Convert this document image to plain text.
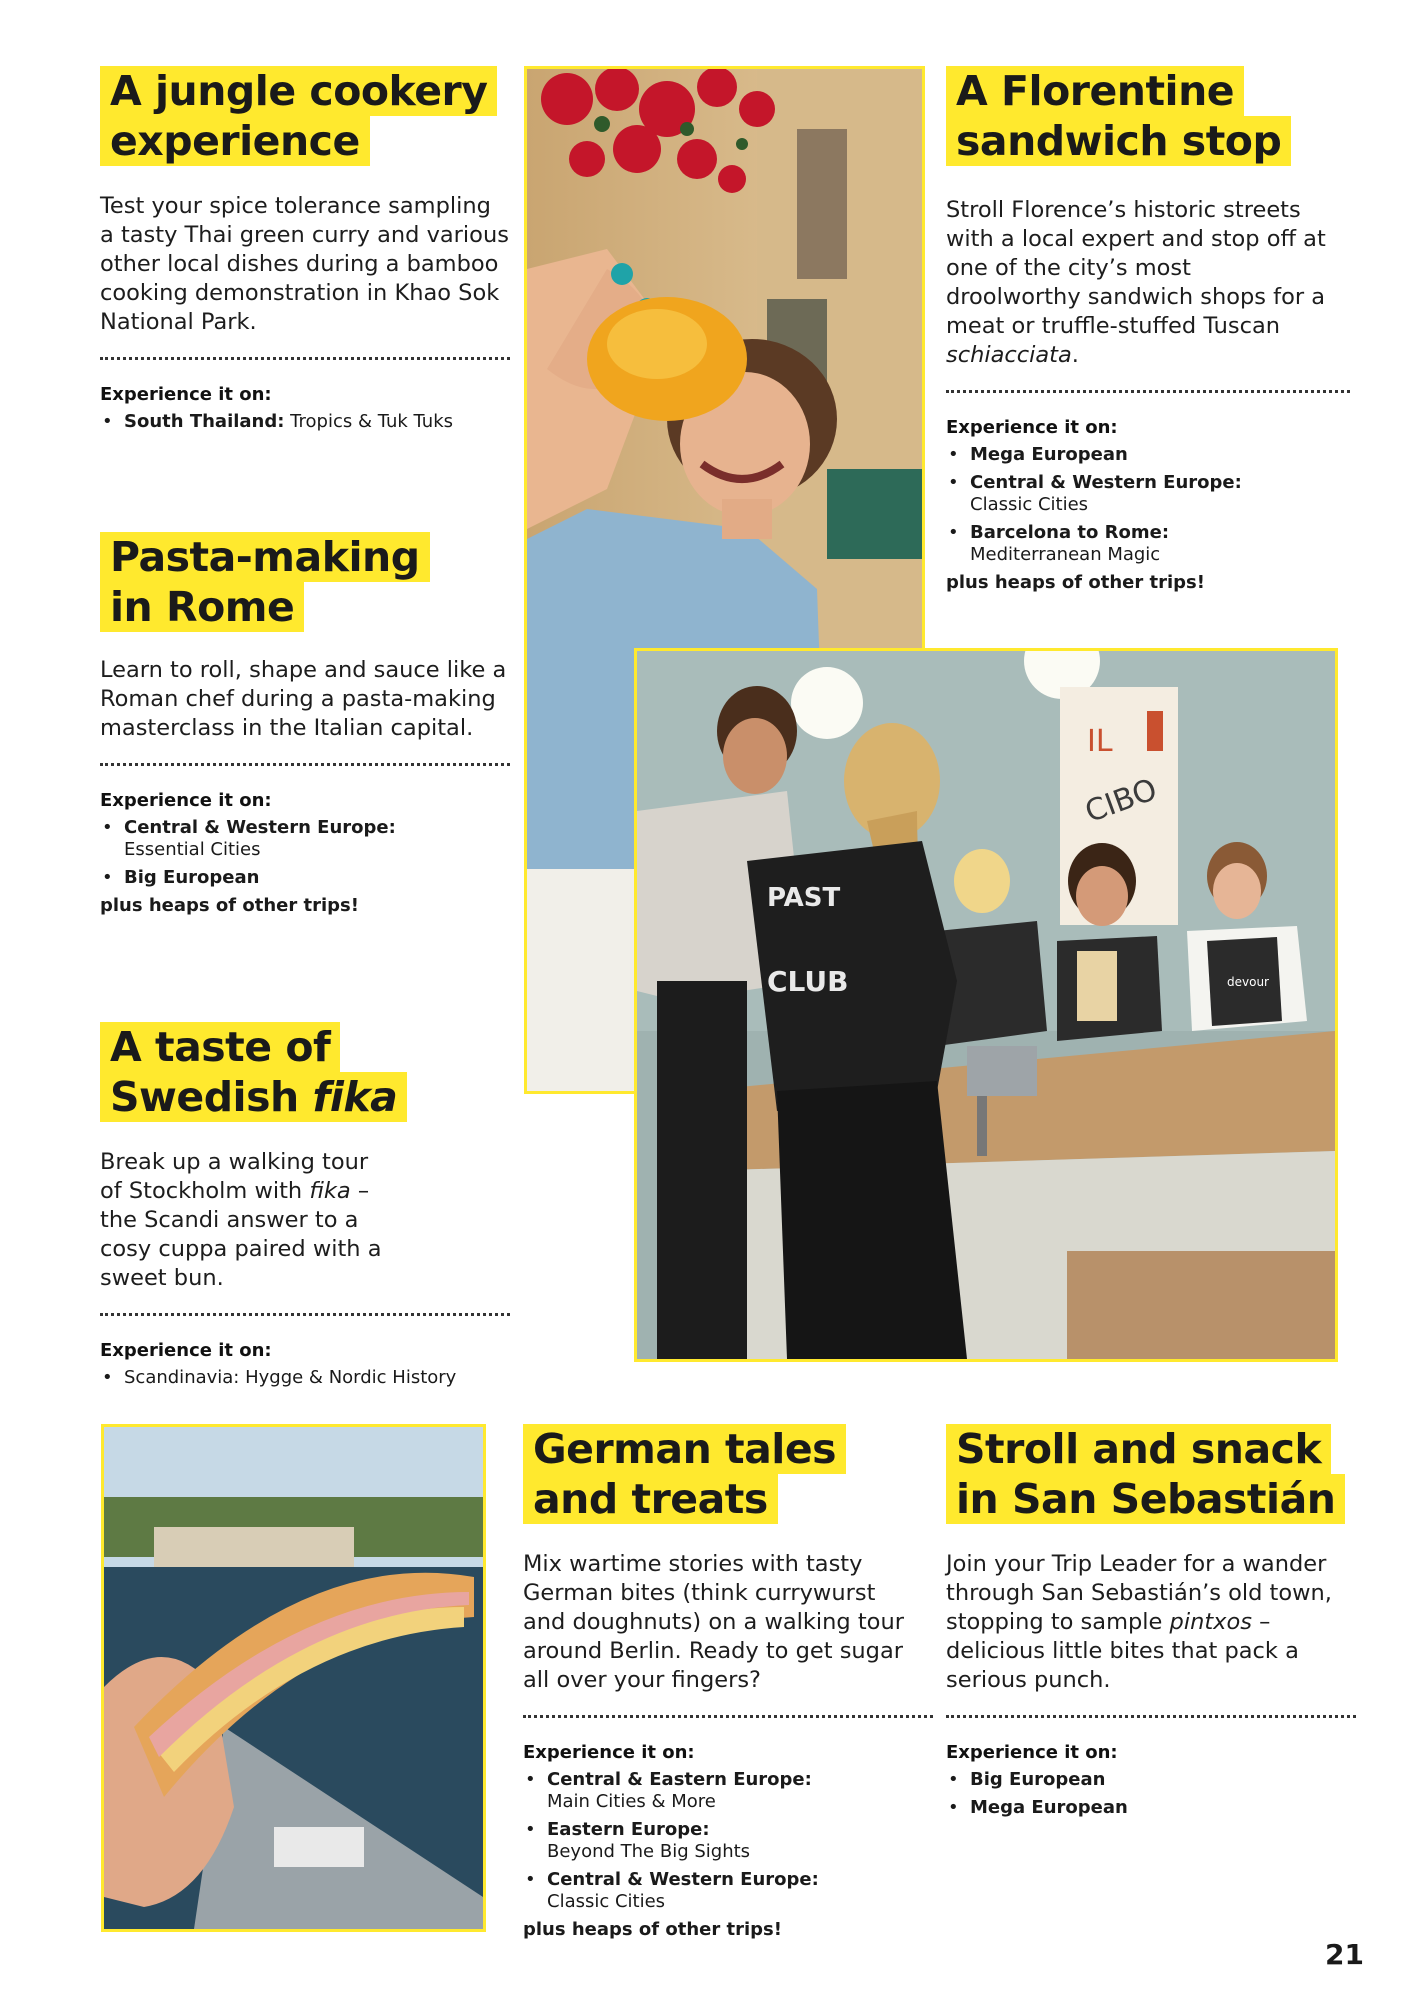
A jungle cookery
experience

Test your spice tolerance sampling a tasty Thai green curry and various other local dishes during a bamboo cooking demonstration in Khao Sok National Park.

Experience it on:
• South Thailand: Tropics & Tuk Tuks
Pasta-making
in Rome

Learn to roll, shape and sauce like a Roman chef during a pasta-making masterclass in the Italian capital.

Experience it on:
• Central & Western Europe:
Essential Cities
• Big European
plus heaps of other trips!
A taste of
Swedish fika

Break up a walking tour of Stockholm with fika – the Scandi answer to a cosy cuppa paired with a sweet bun.

Experience it on:
• Scandinavia: Hygge & Nordic History
A Florentine
sandwich stop

Stroll Florence’s historic streets with a local expert and stop off at one of the city’s most droolworthy sandwich shops for a meat or truffle-stuffed Tuscan schiacciata.

Experience it on:
• Mega European
• Central & Western Europe:
Classic Cities
• Barcelona to Rome:
Mediterranean Magic
plus heaps of other trips!
German tales
and treats

Mix wartime stories with tasty German bites (think currywurst and doughnuts) on a walking tour around Berlin. Ready to get sugar all over your fingers?

Experience it on:
• Central & Eastern Europe:
Main Cities & More
• Eastern Europe:
Beyond The Big Sights
• Central & Western Europe:
Classic Cities
plus heaps of other trips!
Stroll and snack
in San Sebastián

Join your Trip Leader for a wander through San Sebastián’s old town, stopping to sample pintxos – delicious little bites that pack a serious punch.

Experience it on:
• Big European
• Mega European
IL
CIBO
devour
PAST
CLUB
21
